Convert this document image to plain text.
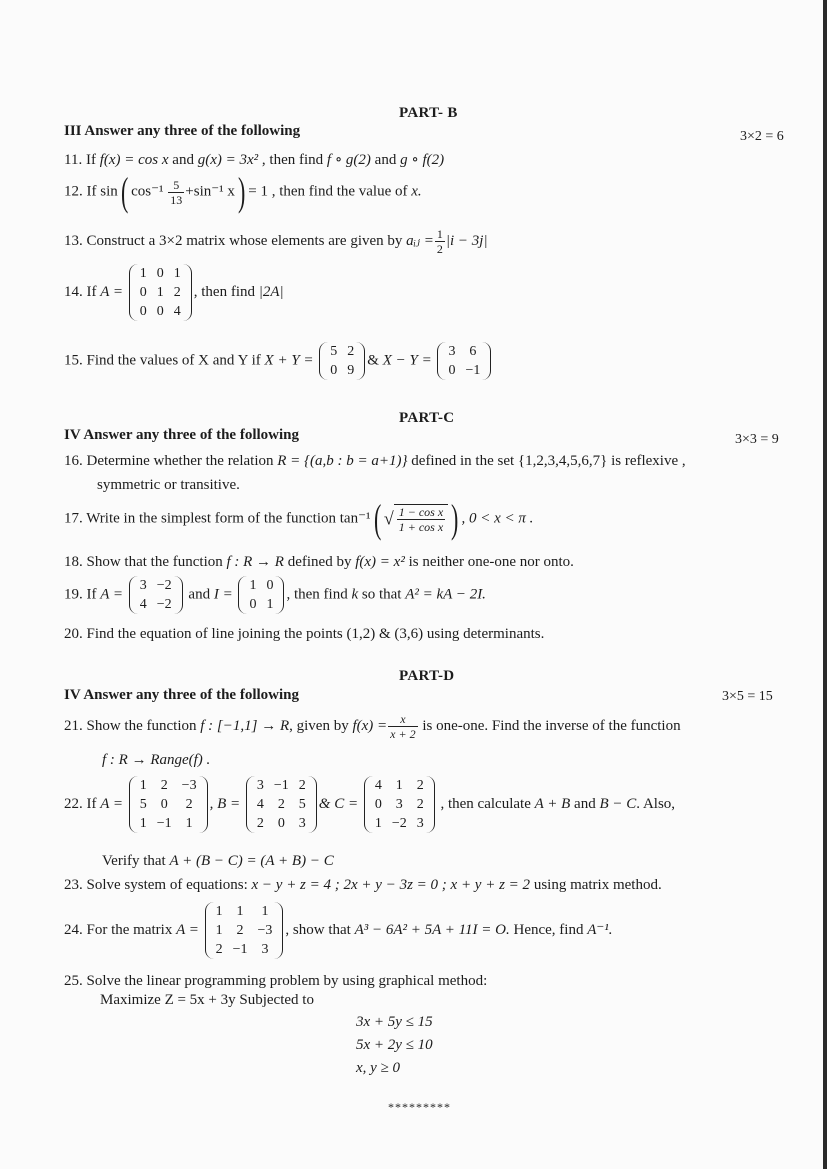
PART- B
III Answer any three of the following	3×2 = 6
11. If f(x) = cos x and g(x) = 3x² , then find f ∘ g(2) and g ∘ f(2)
12. If sin( $\cos^{-1} \frac{5}{13} +\sin^{-1}$ x) = 1 , then find the value of x.
13. Construct a 3×2 matrix whose elements are given by aᵢⱼ = $\frac{1}{2} |i - 3j|$
14. If A =
1	0	1
0	1	2
0	0	4
, then find |2A|
15. Find the values of X and Y if X + Y =
5	2
0	9
& X − Y =
3	6
0	−1
PART-C
IV Answer any three of the following	3×3 = 9
16. Determine whether the relation R = {(a,b : b = a+1)} defined in the set {1,2,3,4,5,6,7} is reflexive ,
symmetric or transitive.
17. Write in the simplest form of the function tan⁻¹( √ $\frac{\text{1 − cos x}}{\text{1 + cos x}}$ ) , 0 < x < π .
18. Show that the function f : R → R defined by f(x) = x² is neither one-one nor onto.
19. If A =
3	−2
4	−2
and I =
1	0
0	1
, then find k so that A² = kA − 2I.
20. Find the equation of line joining the points (1,2) & (3,6) using determinants.
PART-D
IV Answer any three of the following	3×5 = 15
21. Show the function f : [−1,1] → R, given by $f(x) = \frac{x}{x + 2}$ is one-one. Find the inverse of the function
f : R → Range(f) .
22. If A =
1	2	−3
5	0	2
1	−1	1
, B =
3	−1	2
4	2	5
2	0	3
& C =
4	1	2
0	3	2
1	−2	3
, then calculate A + B and B − C. Also,
Verify that A + (B − C) = (A + B) − C
23. Solve system of equations: x − y + z = 4 ; 2x + y − 3z = 0 ; x + y + z = 2 using matrix method.
24. For the matrix A =
1	1	1
1	2	−3
2	−1	3
, show that A³ − 6A² + 5A + 11I = O. Hence, find A⁻¹.
25. Solve the linear programming problem by using graphical method:
Maximize Z = 5x + 3y Subjected to
3x + 5y ≤ 15
5x + 2y ≤ 10
x, y ≥ 0
*********
